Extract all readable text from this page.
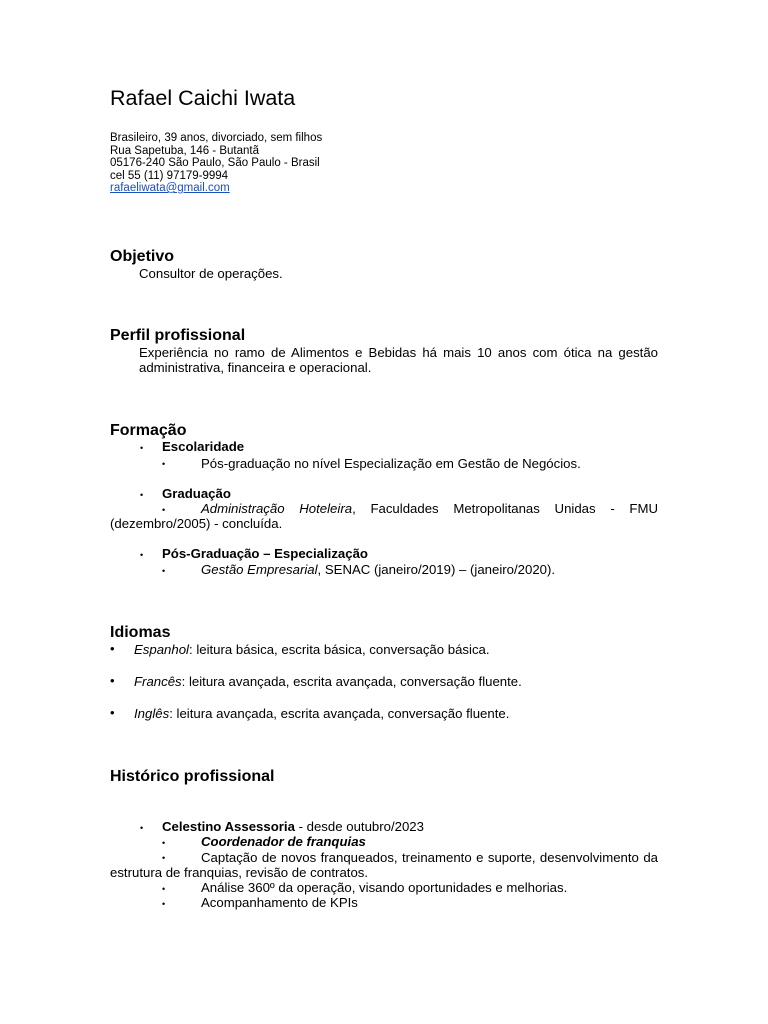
Rafael Caichi Iwata
Brasileiro, 39 anos, divorciado, sem filhos
Rua Sapetuba, 146 - Butantã
05176-240 São Paulo, São Paulo - Brasil
cel 55 (11) 97179-9994
rafaeliwata@gmail.com
Objetivo
Consultor de operações.
Perfil profissional
Experiência no ramo de Alimentos e Bebidas há mais 10 anos com ótica na gestão administrativa, financeira e operacional.
Formação
• Escolaridade
•	Pós-graduação no nível Especialização em Gestão de Negócios.
• Graduação
•	Administração Hoteleira, Faculdades Metropolitanas Unidas - FMU (dezembro/2005) - concluída.
• Pós-Graduação – Especialização
•	Gestão Empresarial, SENAC (janeiro/2019) – (janeiro/2020).
Idiomas
• Espanhol: leitura básica, escrita básica, conversação básica.
• Francês: leitura avançada, escrita avançada, conversação fluente.
• Inglês: leitura avançada, escrita avançada, conversação fluente.
Histórico profissional
• Celestino Assessoria - desde outubro/2023
•	Coordenador de franquias
•	Captação de novos franqueados, treinamento e suporte, desenvolvimento da estrutura de franquias, revisão de contratos.
•	Análise 360º da operação, visando oportunidades e melhorias.
•	Acompanhamento de KPIs
